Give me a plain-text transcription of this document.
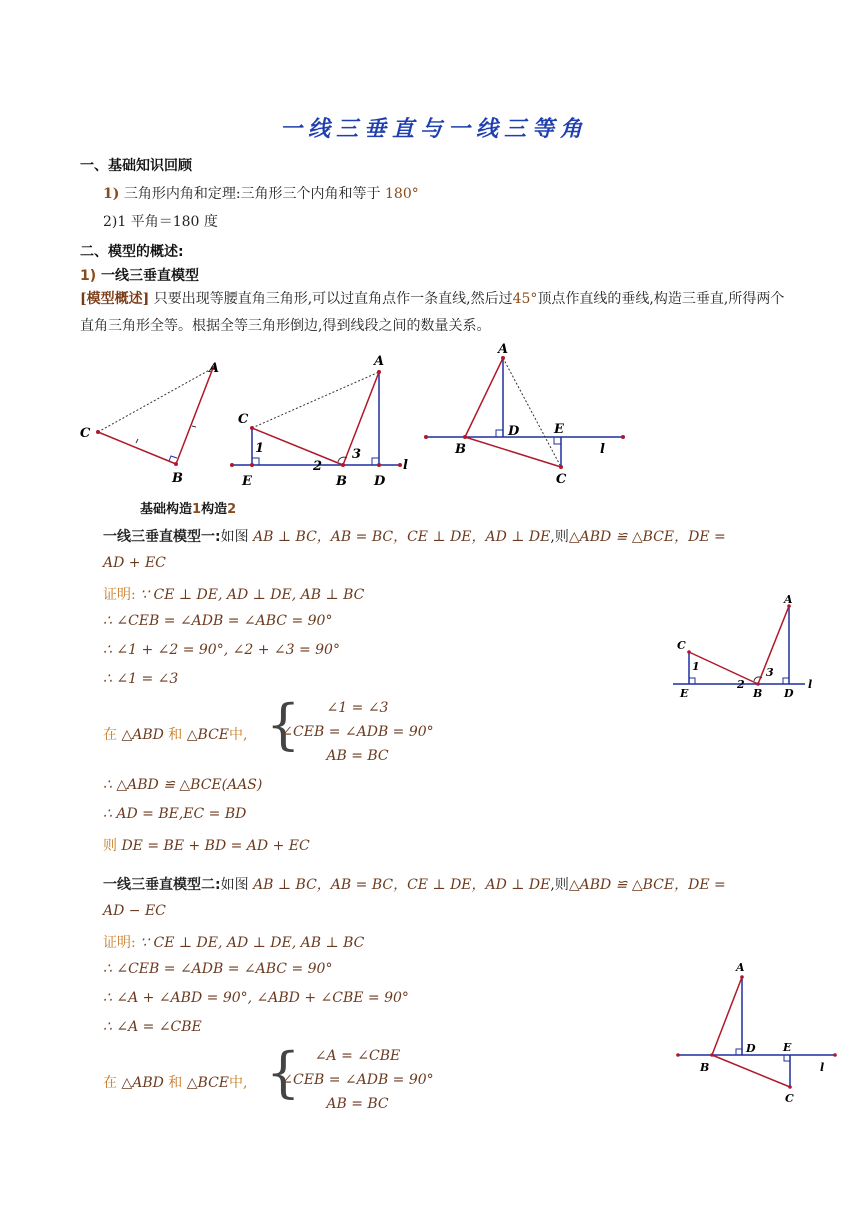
一线三垂直与一线三等角
一、基础知识回顾
1) 三角形内角和定理:三角形三个内角和等于 180°
2)1 平角＝180 度
二、模型的概述:
1) 一线三垂直模型
[模型概述] 只要出现等腰直角三角形,可以过直角点作一条直线,然后过45°顶点作直线的垂线,构造三垂直,所得两个直角三角形全等。根据全等三角形倒边,得到线段之间的数量关系。
C
B
A
C
1
E
2
3
B D
A
l
A
B
D	E
C
l
基础构造1构造2
一线三垂直模型一:如图 AB ⊥ BC，AB = BC，CE ⊥ DE，AD ⊥ DE,则△ABD ≌ △BCE，DE =
AD + EC
证明: ∵ CE ⊥ DE, AD ⊥ DE, AB ⊥ BC
∴ ∠CEB = ∠ADB = ∠ABC = 90°
∴ ∠1 + ∠2 = 90°, ∠2 + ∠3 = 90°
∴ ∠1 = ∠3
在 △ABD 和 △BCE中, {	∠1 = ∠3
∠CEB = ∠ADB = 90°
AB = BC
∴ △ABD ≌ △BCE(AAS)
∴ AD = BE,EC = BD
则 DE = BE + BD = AD + EC
C
1
E
2
3
B D
A
l
一线三垂直模型二:如图 AB ⊥ BC，AB = BC，CE ⊥ DE，AD ⊥ DE,则△ABD ≌ △BCE，DE =
AD − EC
证明: ∵ CE ⊥ DE, AD ⊥ DE, AB ⊥ BC
∴ ∠CEB = ∠ADB = ∠ABC = 90°
∴ ∠A + ∠ABD = 90°, ∠ABD + ∠CBE = 90°
∴ ∠A = ∠CBE
在 △ABD 和 △BCE中, {	∠A = ∠CBE
∠CEB = ∠ADB = 90°
AB = BC
A
B
D E
C
l
